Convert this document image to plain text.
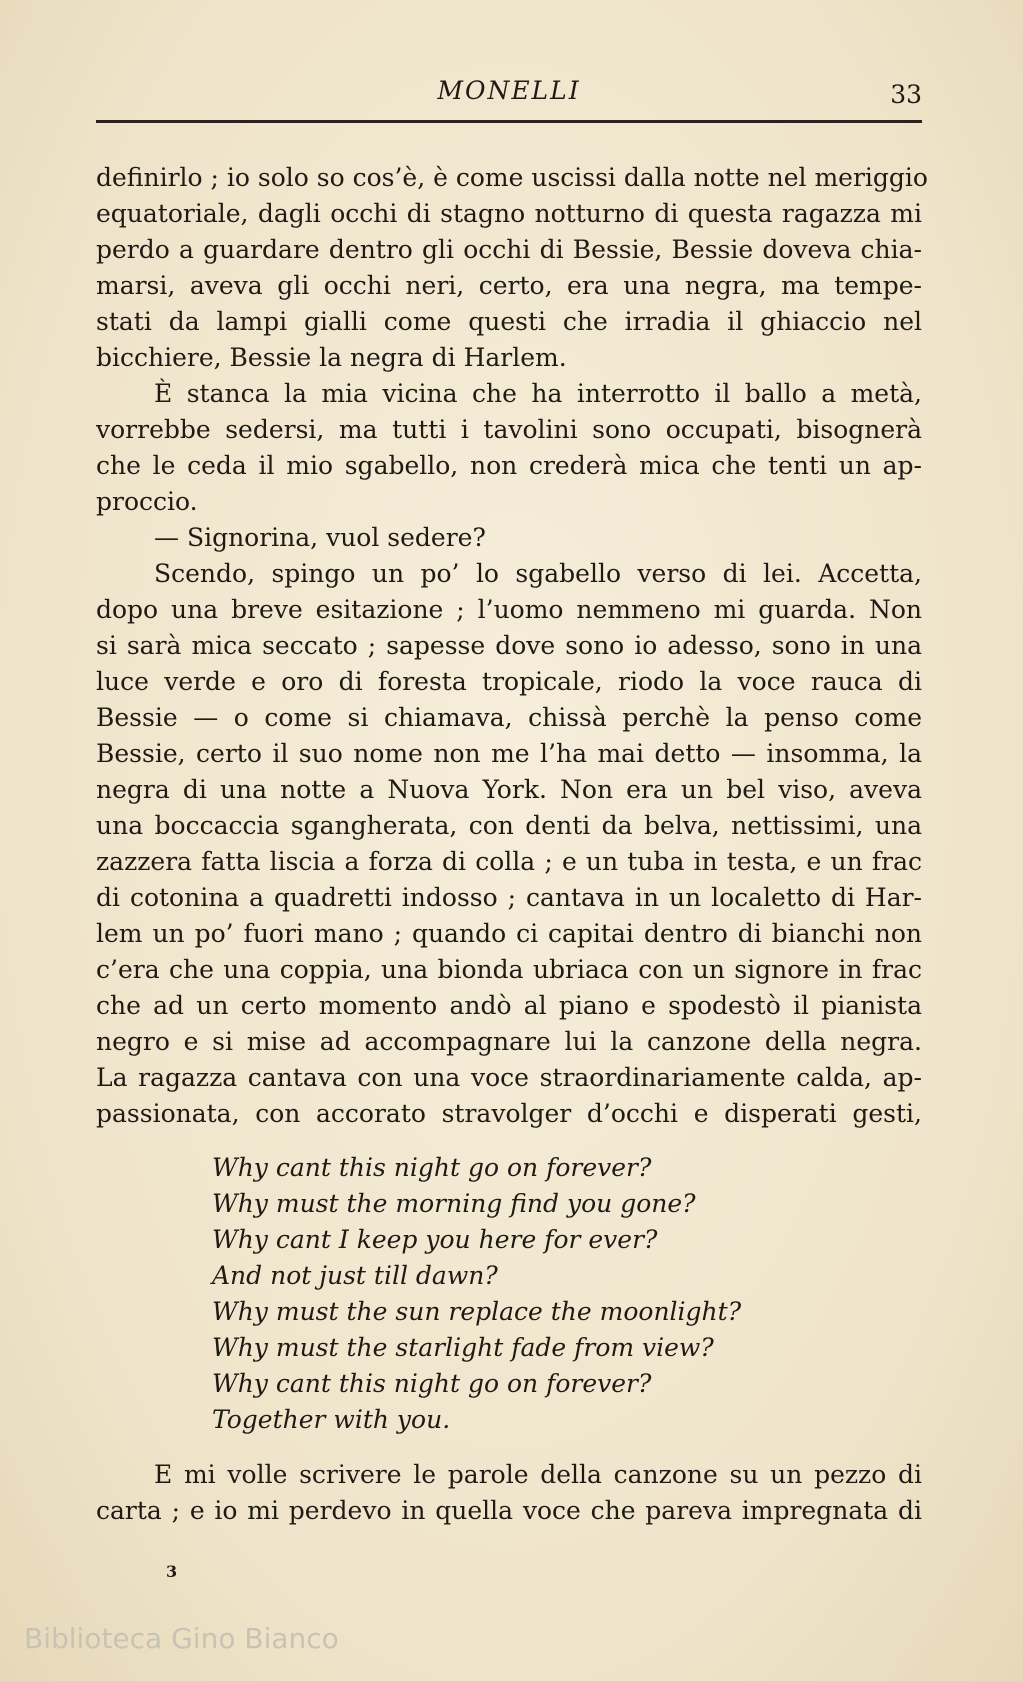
MONELLI	33
definirlo ; io solo so cos’è, è come uscissi dalla notte nel meriggio
equatoriale, dagli occhi di stagno notturno di questa ragazza mi
perdo a guardare dentro gli occhi di Bessie, Bessie doveva chia-
marsi, aveva gli occhi neri, certo, era una negra, ma tempe-
stati da lampi gialli come questi che irradia il ghiaccio nel
bicchiere, Bessie la negra di Harlem.
È stanca la mia vicina che ha interrotto il ballo a metà,
vorrebbe sedersi, ma tutti i tavolini sono occupati, bisognerà
che le ceda il mio sgabello, non crederà mica che tenti un ap-
proccio.
— Signorina, vuol sedere?
Scendo, spingo un po’ lo sgabello verso di lei. Accetta,
dopo una breve esitazione ; l’uomo nemmeno mi guarda. Non
si sarà mica seccato ; sapesse dove sono io adesso, sono in una
luce verde e oro di foresta tropicale, riodo la voce rauca di
Bessie — o come si chiamava, chissà perchè la penso come
Bessie, certo il suo nome non me l’ha mai detto — insomma, la
negra di una notte a Nuova York. Non era un bel viso, aveva
una boccaccia sgangherata, con denti da belva, nettissimi, una
zazzera fatta liscia a forza di colla ; e un tuba in testa, e un frac
di cotonina a quadretti indosso ; cantava in un localetto di Har-
lem un po’ fuori mano ; quando ci capitai dentro di bianchi non
c’era che una coppia, una bionda ubriaca con un signore in frac
che ad un certo momento andò al piano e spodestò il pianista
negro e si mise ad accompagnare lui la canzone della negra.
La ragazza cantava con una voce straordinariamente calda, ap-
passionata, con accorato stravolger d’occhi e disperati gesti,
Why cant this night go on forever?
Why must the morning find you gone?
Why cant I keep you here for ever?
And not just till dawn?
Why must the sun replace the moonlight?
Why must the starlight fade from view?
Why cant this night go on forever?
Together with you.
E mi volle scrivere le parole della canzone su un pezzo di
carta ; e io mi perdevo in quella voce che pareva impregnata di
3
Biblioteca Gino Bianco
